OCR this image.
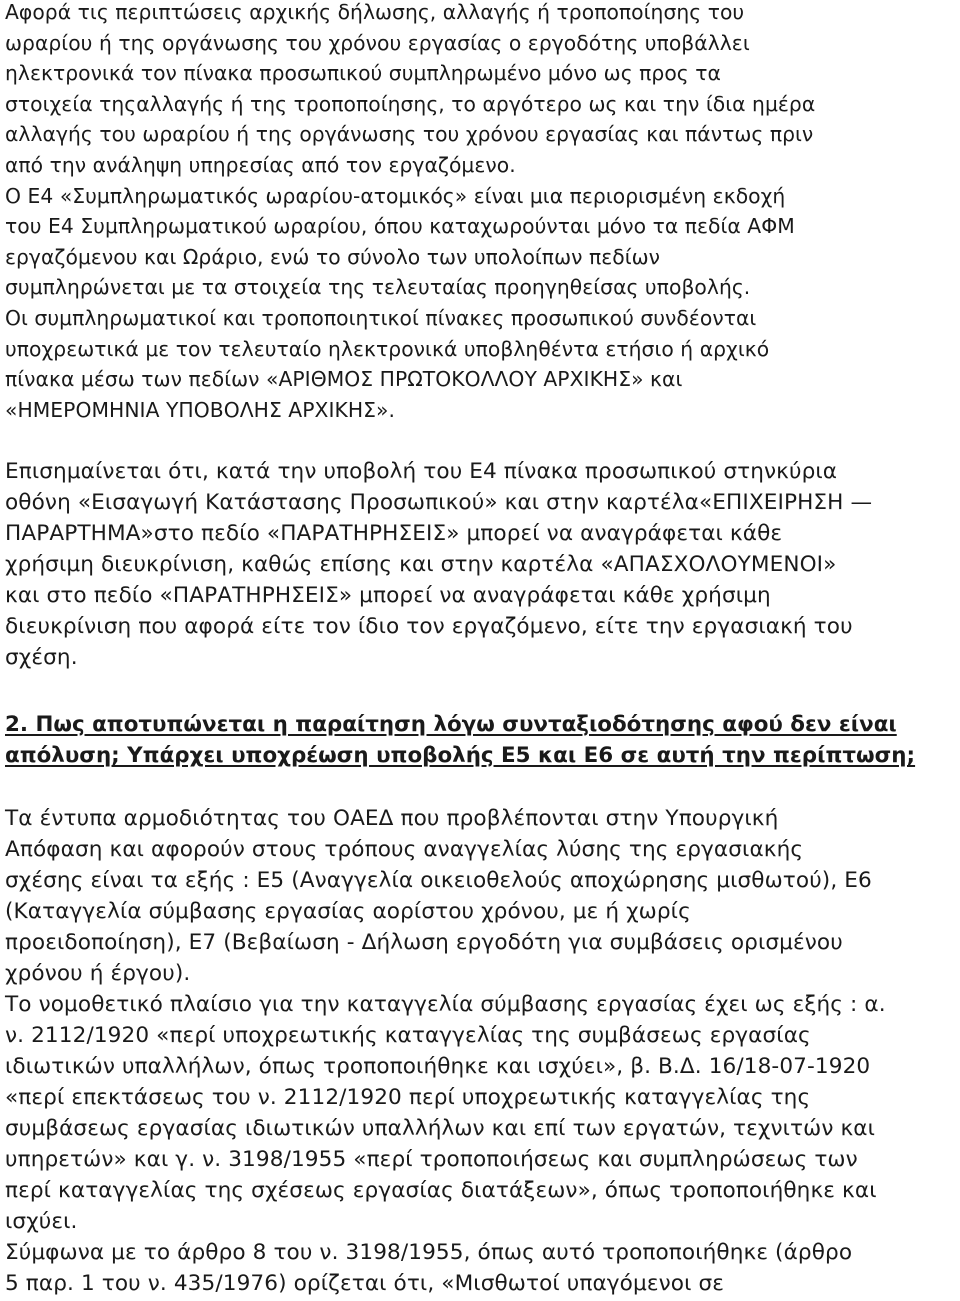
Αφορά τις περιπτώσεις αρχικής δήλωσης, αλλαγής ή τροποποίησης του
ωραρίου ή της οργάνωσης του χρόνου εργασίας ο εργοδότης υποβάλλει
ηλεκτρονικά τον πίνακα προσωπικού συμπληρωμένο μόνο ως προς τα
στοιχεία τηςαλλαγής ή της τροποποίησης, το αργότερο ως και την ίδια ημέρα
αλλαγής του ωραρίου ή της οργάνωσης του χρόνου εργασίας και πάντως πριν
από την ανάληψη υπηρεσίας από τον εργαζόμενο.
Ο Ε4 «Συμπληρωματικός ωραρίου-ατομικός» είναι μια περιορισμένη εκδοχή
του Ε4 Συμπληρωματικού ωραρίου, όπου καταχωρούνται μόνο τα πεδία ΑΦΜ
εργαζόμενου και Ωράριο, ενώ το σύνολο των υπολοίπων πεδίων
συμπληρώνεται με τα στοιχεία της τελευταίας προηγηθείσας υποβολής.
Οι συμπληρωματικοί και τροποποιητικοί πίνακες προσωπικού συνδέονται
υποχρεωτικά με τον τελευταίο ηλεκτρονικά υποβληθέντα ετήσιο ή αρχικό
πίνακα μέσω των πεδίων «ΑΡΙΘΜΟΣ ΠΡΩΤΟΚΟΛΛΟΥ ΑΡΧΙΚΗΣ» και
«ΗΜΕΡΟΜΗΝΙΑ ΥΠΟΒΟΛΗΣ ΑΡΧΙΚΗΣ».

Επισημαίνεται ότι, κατά την υποβολή του Ε4 πίνακα προσωπικού στηνκύρια
οθόνη «Εισαγωγή Κατάστασης Προσωπικού» και στην καρτέλα«ΕΠΙΧΕΙΡΗΣΗ —
ΠΑΡΑΡΤΗΜΑ»στο πεδίο «ΠΑΡΑΤΗΡΗΣΕΙΣ» μπορεί να αναγράφεται κάθε
χρήσιμη διευκρίνιση, καθώς επίσης και στην καρτέλα «ΑΠΑΣΧΟΛΟΥΜΕΝΟΙ»
και στο πεδίο «ΠΑΡΑΤΗΡΗΣΕΙΣ» μπορεί να αναγράφεται κάθε χρήσιμη
διευκρίνιση που αφορά είτε τον ίδιο τον εργαζόμενο, είτε την εργασιακή του
σχέση.

2. Πως αποτυπώνεται η παραίτηση λόγω συνταξιοδότησης αφού δεν είναι
απόλυση; Υπάρχει υποχρέωση υποβολής Ε5 και Ε6 σε αυτή την περίπτωση;

Τα έντυπα αρμοδιότητας του ΟΑΕΔ που προβλέπονται στην Υπουργική
Απόφαση και αφορούν στους τρόπους αναγγελίας λύσης της εργασιακής
σχέσης είναι τα εξής : Ε5 (Αναγγελία οικειοθελούς αποχώρησης μισθωτού), Ε6
(Καταγγελία σύμβασης εργασίας αορίστου χρόνου, με ή χωρίς
προειδοποίηση), Ε7 (Βεβαίωση - Δήλωση εργοδότη για συμβάσεις ορισμένου
χρόνου ή έργου).
Το νομοθετικό πλαίσιο για την καταγγελία σύμβασης εργασίας έχει ως εξής : α.
ν. 2112/1920 «περί υποχρεωτικής καταγγελίας της συμβάσεως εργασίας
ιδιωτικών υπαλλήλων, όπως τροποποιήθηκε και ισχύει», β. Β.Δ. 16/18-07-1920
«περί επεκτάσεως του ν. 2112/1920 περί υποχρεωτικής καταγγελίας της
συμβάσεως εργασίας ιδιωτικών υπαλλήλων και επί των εργατών, τεχνιτών και
υπηρετών» και γ. ν. 3198/1955 «περί τροποποιήσεως και συμπληρώσεως των
περί καταγγελίας της σχέσεως εργασίας διατάξεων», όπως τροποποιήθηκε και
ισχύει.
Σύμφωνα με το άρθρο 8 του ν. 3198/1955, όπως αυτό τροποποιήθηκε (άρθρο
5 παρ. 1 του ν. 435/1976) ορίζεται ότι, «Μισθωτοί υπαγόμενοι σε
